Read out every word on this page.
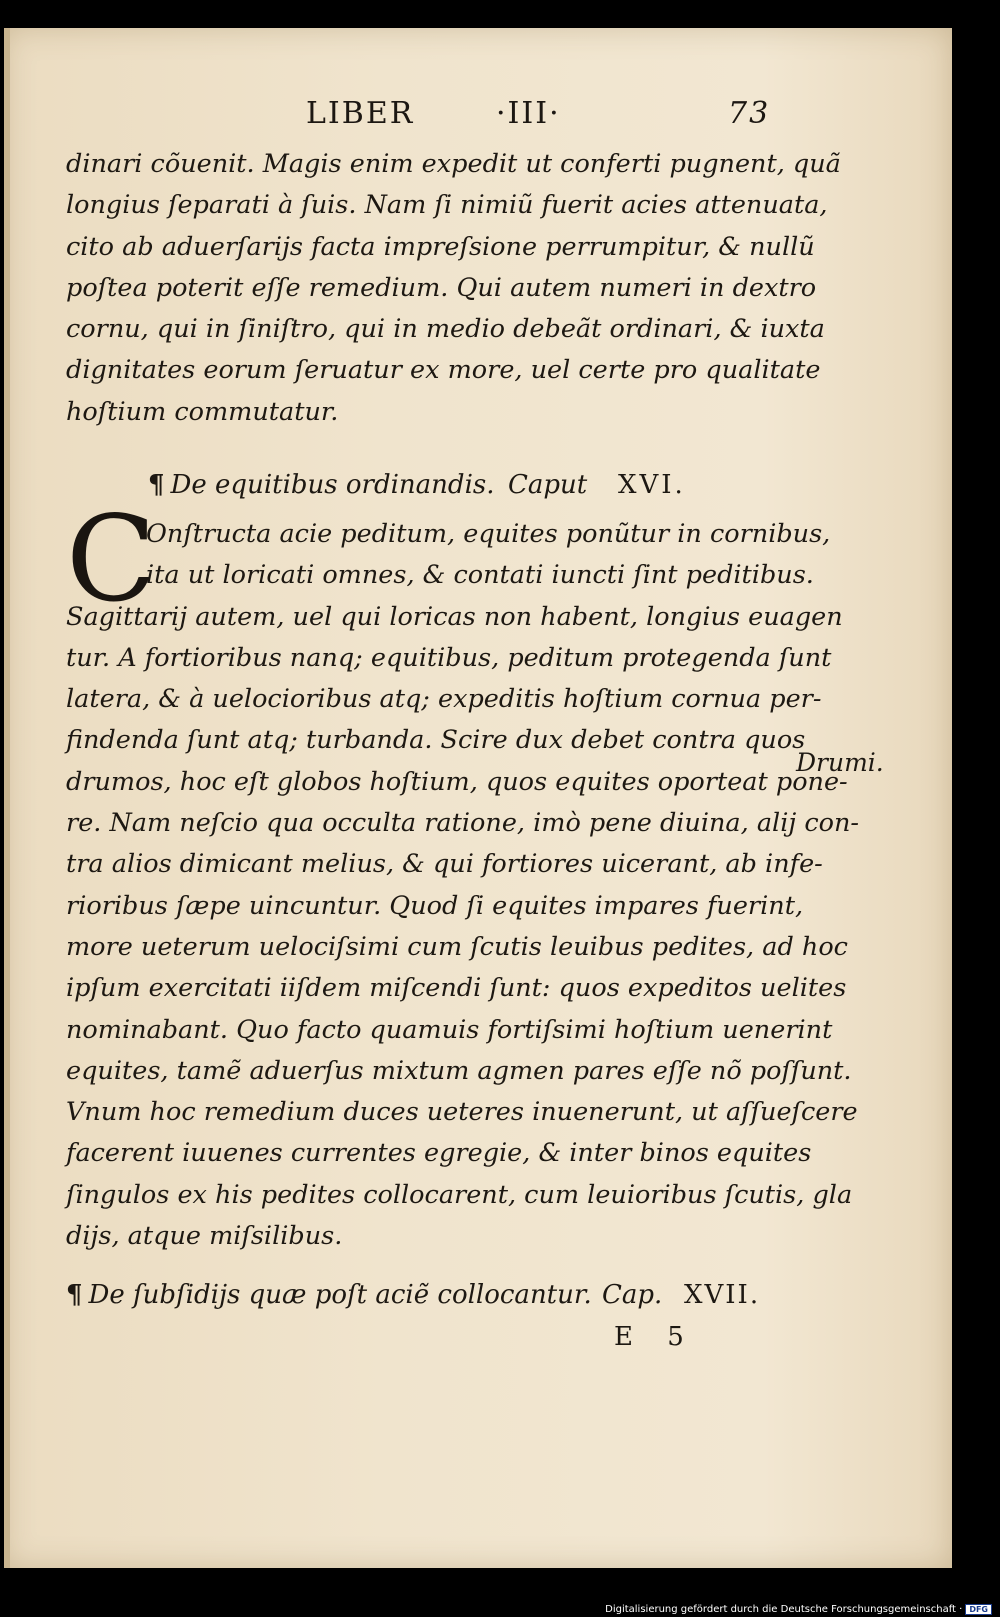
LIBER	·III·	73
dinari cõuenit. Magis enim expedit ut conferti pugnent, quã
longius ſeparati à ſuis. Nam ſi nimiũ fuerit acies attenuata,
cito ab aduerſarijs facta impreſsione perrumpitur, & nullũ
poſtea poterit eſſe remedium. Qui autem numeri in dextro
cornu, qui in ſiniſtro, qui in medio debeãt ordinari, & iuxta
dignitates eorum ſeruatur ex more, uel certe pro qualitate
hoſtium commutatur.
¶ De equitibus ordinandis. Caput XVI.
C
Onſtructa acie peditum, equites ponũtur in cornibus,
ita ut loricati omnes, & contati iuncti ſint peditibus.
Sagittarij autem, uel qui loricas non habent, longius euagen
tur. A fortioribus nanq; equitibus, peditum protegenda ſunt
latera, & à uelocioribus atq; expeditis hoſtium cornua per-
findenda ſunt atq; turbanda. Scire dux debet contra quos
drumos, hoc eſt globos hoſtium, quos equites oporteat pone-
re. Nam neſcio qua occulta ratione, imò pene diuina, alij con-
tra alios dimicant melius, & qui fortiores uicerant, ab infe-
rioribus ſæpe uincuntur. Quod ſi equites impares fuerint,
more ueterum uelociſsimi cum ſcutis leuibus pedites, ad hoc
ipſum exercitati iiſdem miſcendi ſunt: quos expeditos uelites
nominabant. Quo facto quamuis fortiſsimi hoſtium uenerint
equites, tamẽ aduerſus mixtum agmen pares eſſe nõ poſſunt.
Vnum hoc remedium duces ueteres inuenerunt, ut aſſueſcere
facerent iuuenes currentes egregie, & inter binos equites
ſingulos ex his pedites collocarent, cum leuioribus ſcutis, gla
dijs, atque miſsilibus.
Drumi.
¶ De ſubſidijs quæ poſt aciẽ collocantur. Cap. XVII.
E 5
Digitalisierung gefördert durch die Deutsche Forschungsgemeinschaft · DFG
